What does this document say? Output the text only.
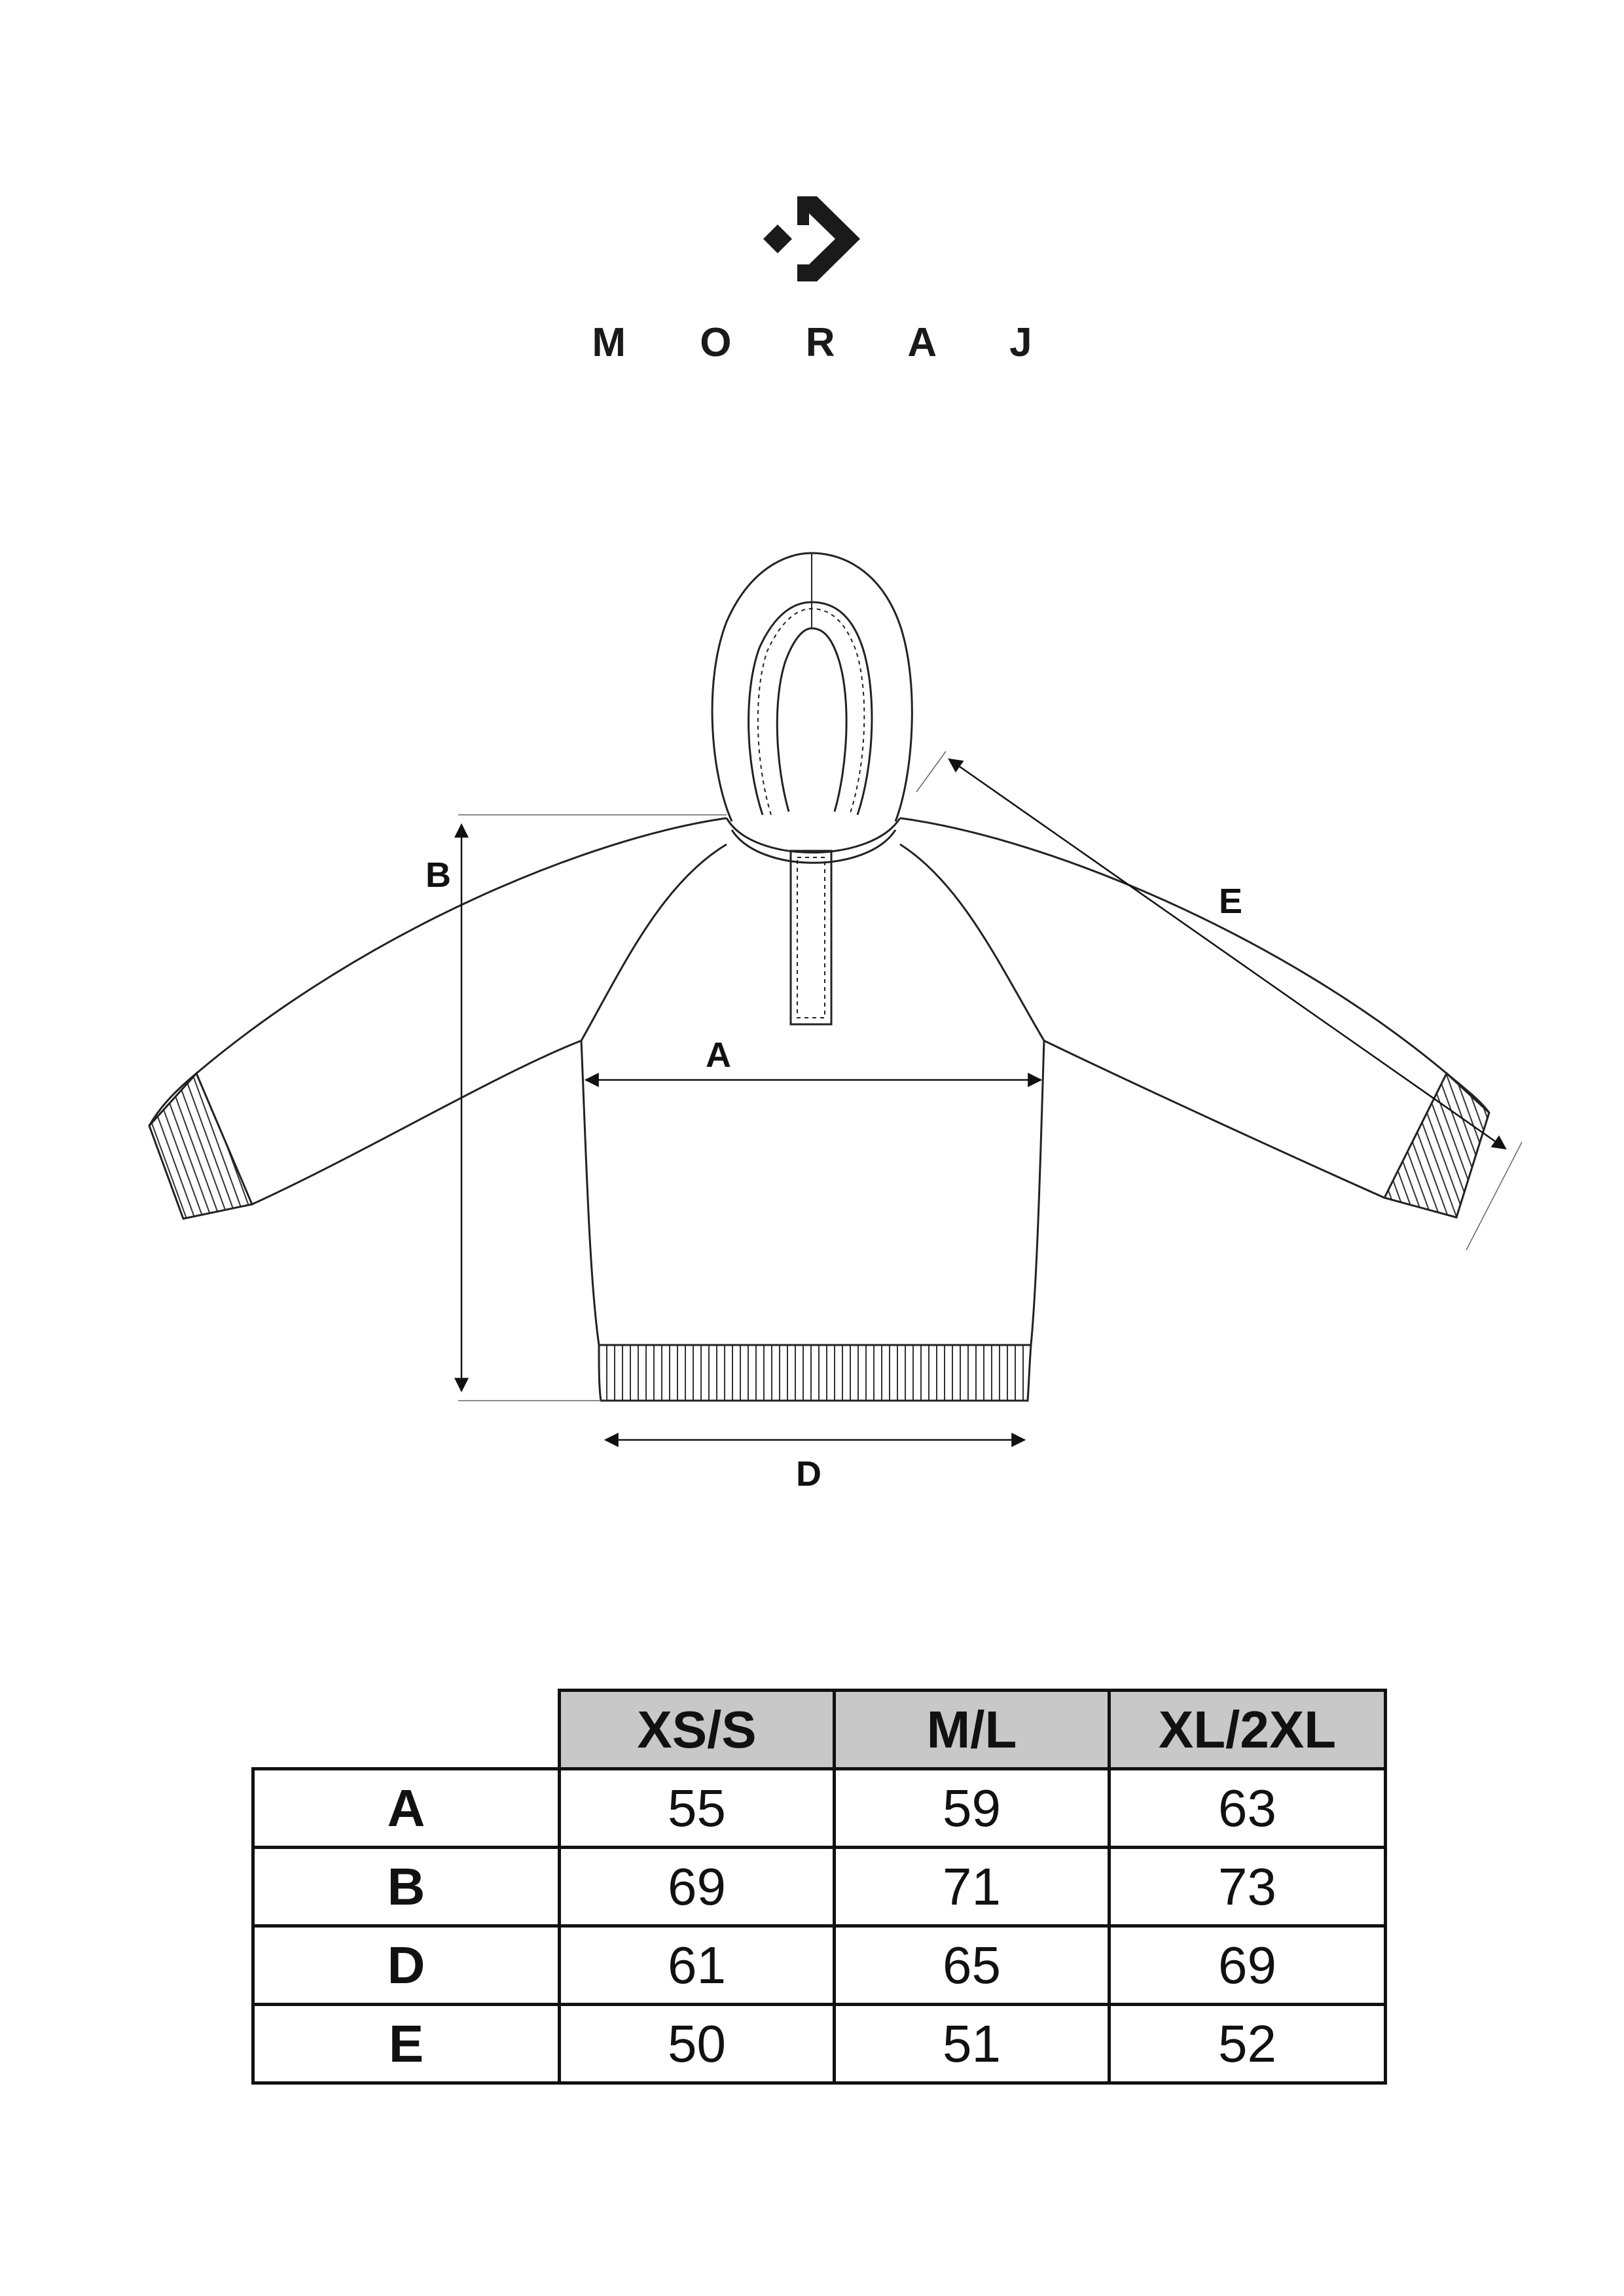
M O R A J
B
A
D
E
	XS/S	M/L	XL/2XL
A	55	59	63
B	69	71	73
D	61	65	69
E	50	51	52
